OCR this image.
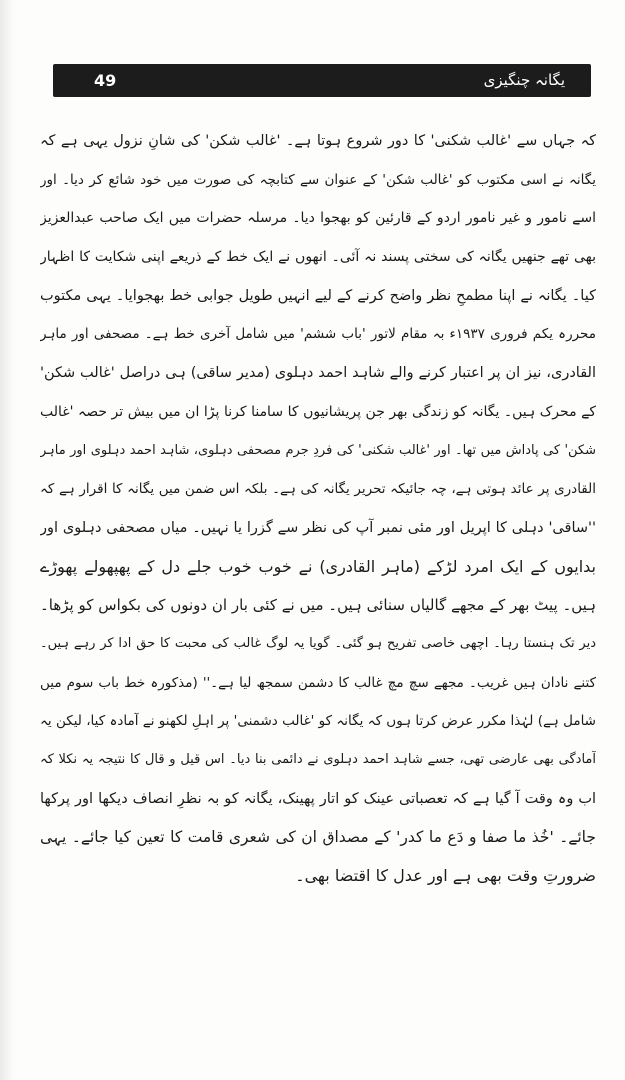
49	یگانہ چنگیزی
کہ جہاں سے 'غالب شکنی' کا دور شروع ہوتا ہے۔ 'غالب شکن' کی شانِ نزول یہی ہے کہ
یگانہ نے اسی مکتوب کو 'غالب شکن' کے عنوان سے کتابچہ کی صورت میں خود شائع کر دیا۔ اور
اسے نامور و غیر نامور اردو کے قارئین کو بھجوا دیا۔ مرسلہ حضرات میں ایک صاحب عبدالعزیز
بھی تھے جنھیں یگانہ کی سختی پسند نہ آئی۔ انھوں نے ایک خط کے ذریعے اپنی شکایت کا اظہار
کیا۔ یگانہ نے اپنا مطمحِ نظر واضح کرنے کے لیے انہیں طویل جوابی خط بھجوایا۔ یہی مکتوب
محررہ یکم فروری ۱۹۳۷ء بہ مقام لاتور 'باب ششم' میں شامل آخری خط ہے۔ مصحفی اور ماہر
القادری، نیز ان پر اعتبار کرنے والے شاہد احمد دہلوی (مدیر ساقی) ہی دراصل 'غالب شکن'
کے محرک ہیں۔ یگانہ کو زندگی بھر جن پریشانیوں کا سامنا کرنا پڑا ان میں بیش تر حصہ 'غالب
شکن' کی پاداش میں تھا۔ اور 'غالب شکنی' کی فردِ جرم مصحفی دہلوی، شاہد احمد دہلوی اور ماہر
القادری پر عائد ہوتی ہے، چہ جائیکہ تحریر یگانہ کی ہے۔ بلکہ اس ضمن میں یگانہ کا اقرار ہے کہ
''ساقی' دہلی کا اپریل اور مئی نمبر آپ کی نظر سے گزرا یا نہیں۔ میاں مصحفی دہلوی اور
بدایوں کے ایک امرد لڑکے (ماہر القادری) نے خوب خوب جلے دل کے پھپھولے پھوڑے
ہیں۔ پیٹ بھر کے مجھے گالیاں سنائی ہیں۔ میں نے کئی بار ان دونوں کی بکواس کو پڑھا۔
دیر تک ہنستا رہا۔ اچھی خاصی تفریح ہو گئی۔ گویا یہ لوگ غالب کی محبت کا حق ادا کر رہے ہیں۔
کتنے نادان ہیں غریب۔ مجھے سچ مچ غالب کا دشمن سمجھ لیا ہے۔'' (مذکورہ خط باب سوم میں
شامل ہے) لہٰذا مکرر عرض کرتا ہوں کہ یگانہ کو 'غالب دشمنی' پر اہلِ لکھنو نے آمادہ کیا، لیکن یہ
آمادگی بھی عارضی تھی، جسے شاہد احمد دہلوی نے دائمی بنا دیا۔ اس قیل و قال کا نتیجہ یہ نکلا کہ
اب وہ وقت آ گیا ہے کہ تعصباتی عینک کو اتار پھینک، یگانہ کو بہ نظرِ انصاف دیکھا اور پرکھا
جائے۔ 'خُذ ما صفا و دَع ما کدر' کے مصداق ان کی شعری قامت کا تعین کیا جائے۔ یہی
ضرورتِ وقت بھی ہے اور عدل کا اقتضا بھی۔
